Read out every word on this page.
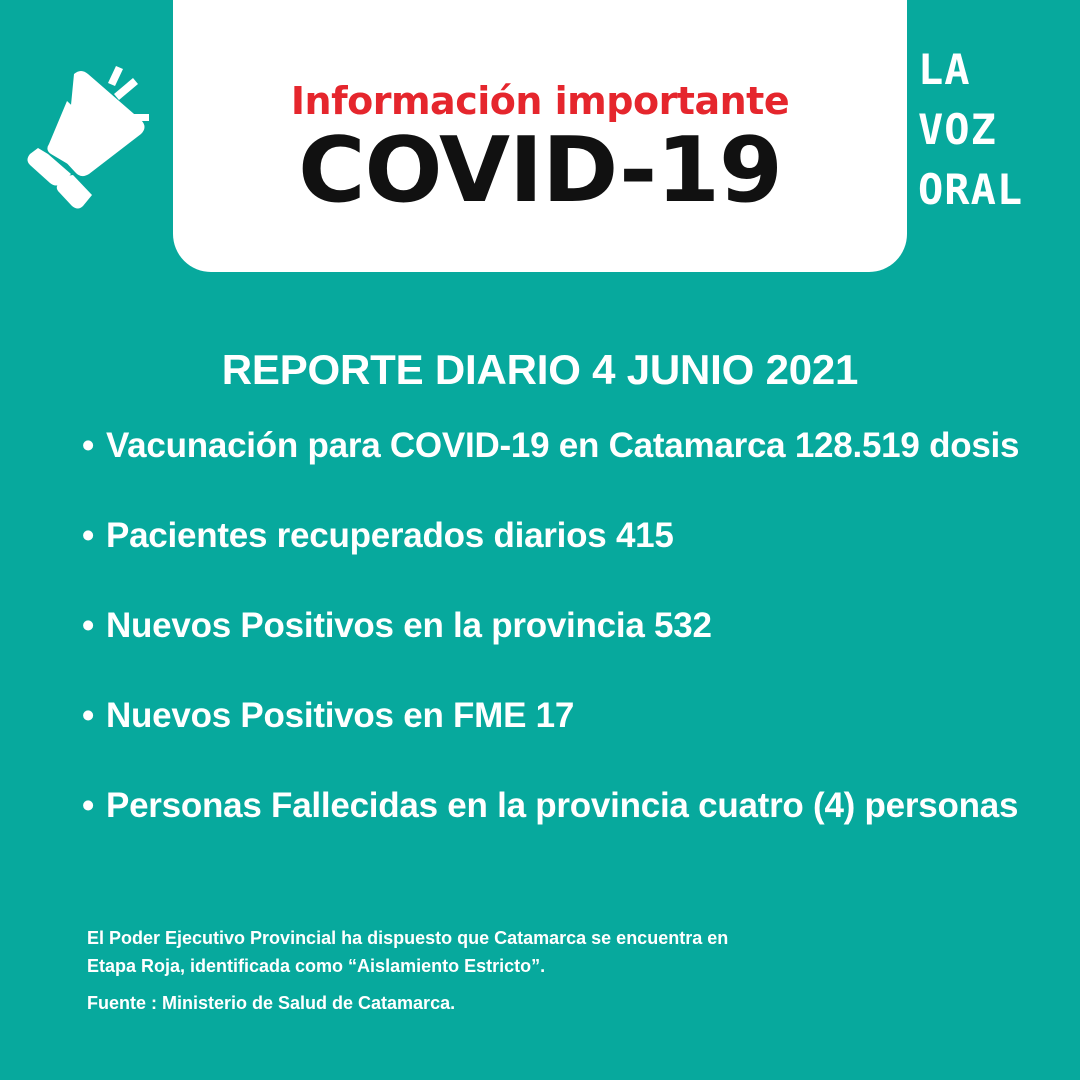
Información importante
COVID-19
LA
VOZ
ORAL
REPORTE DIARIO 4 JUNIO 2021
• Vacunación para COVID-19 en Catamarca 128.519 dosis
• Pacientes recuperados diarios 415
• Nuevos Positivos en la provincia 532
• Nuevos Positivos en FME 17
• Personas Fallecidas en la provincia cuatro (4) personas

El Poder Ejecutivo Provincial ha dispuesto que Catamarca se encuentra en
Etapa Roja, identificada como “Aislamiento Estricto”.

Fuente : Ministerio de Salud de Catamarca.
